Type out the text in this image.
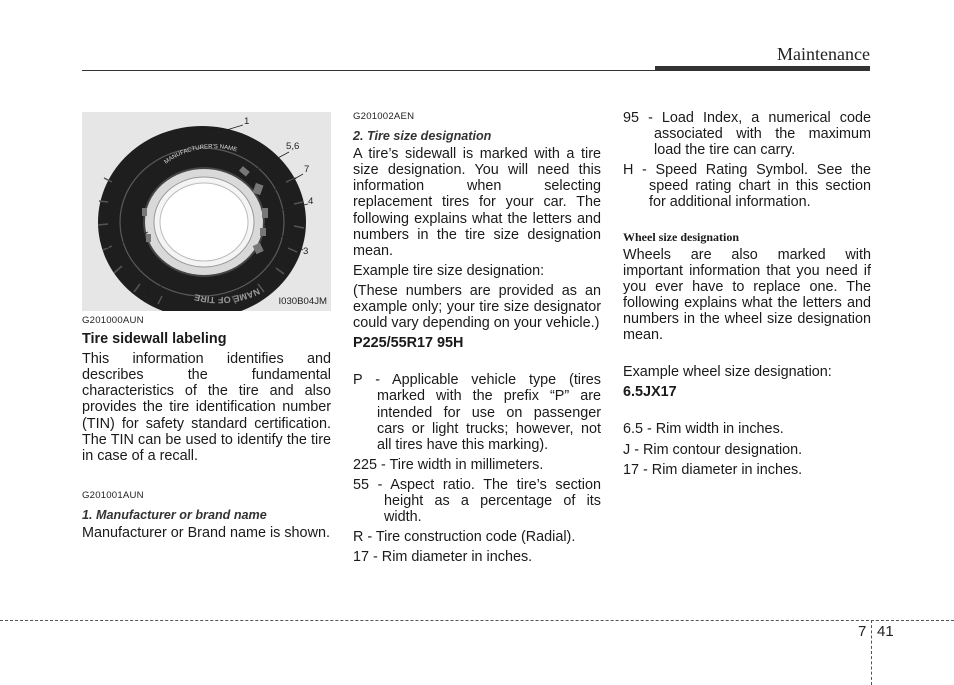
Maintenance
MANUFACTURER'S NAME
NAME OF TIRE
1
5,6
7
4
3
2
1
I030B04JM

G201000AUN

Tire sidewall labeling

This information identifies and describes the fundamental characteristics of the tire and also provides the tire identification number (TIN) for safety standard certification. The TIN can be used to identify the tire in case of a recall.

G201001AUN

1. Manufacturer or brand name

Manufacturer or Brand name is shown.

G201002AEN

2. Tire size designation

A tire’s sidewall is marked with a tire size designation. You will need this information when selecting replacement tires for your car. The following explains what the letters and numbers in the tire size designation mean.

Example tire size designation:

(These numbers are provided as an example only; your tire size designator could vary depending on your vehicle.)

P225/55R17 95H

P - Applicable vehicle type (tires marked with the prefix “P” are intended for use on passenger cars or light trucks; however, not all tires have this marking).

225 - Tire width in millimeters.

55 - Aspect ratio. The tire’s section height as a percentage of its width.

R - Tire construction code (Radial).

17 - Rim diameter in inches.

95 - Load Index, a numerical code associated with the maximum load the tire can carry.

H - Speed Rating Symbol. See the speed rating chart in this section for additional information.

Wheel size designation

Wheels are also marked with important information that you need if you ever have to replace one. The following explains what the letters and numbers in the wheel size designation mean.

Example wheel size designation:

6.5JX17

6.5 - Rim width in inches.

J - Rim contour designation.

17 - Rim diameter in inches.

7 41
